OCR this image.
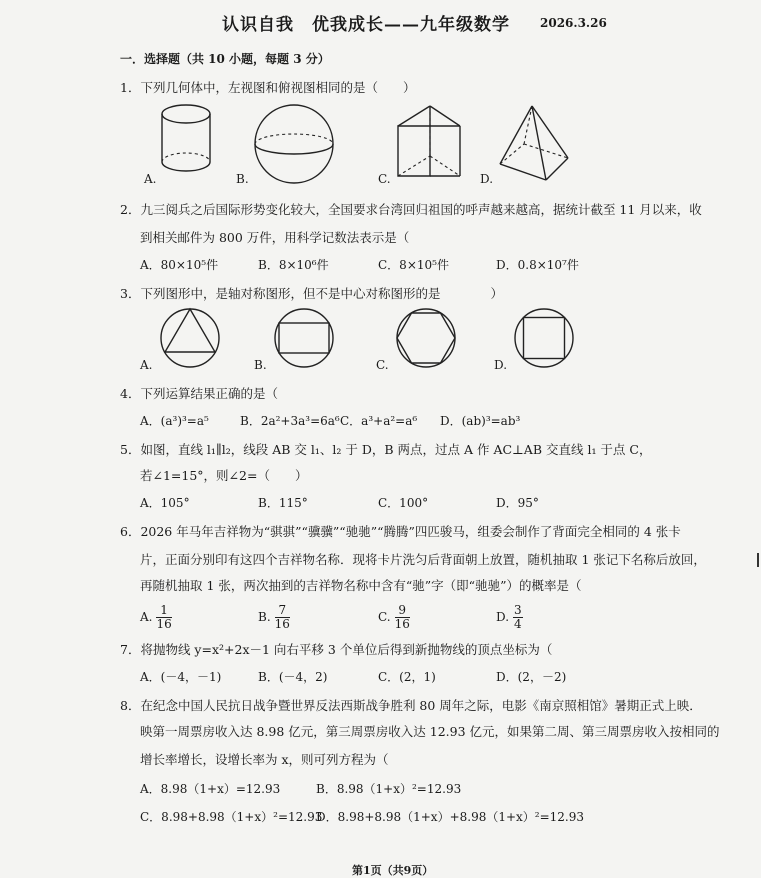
认识自我　优我成长——九年级数学	2026.3.26
一．选择题（共 10 小题，每题 3 分）
1．下列几何体中，左视图和俯视图相同的是（　　）
A.	B.	C.	D.
2．九三阅兵之后国际形势变化较大，全国要求台湾回归祖国的呼声越来越高，据统计截至 11 月以来，收
到相关邮件为 800 万件，用科学记数法表示是（
A．80×10⁵件	B．8×10⁶件	C．8×10⁵件	D．0.8×10⁷件
3．下列图形中，是轴对称图形，但不是中心对称图形的是　　　　）
A.	B.	C.	D.
4．下列运算结果正确的是（
A．(a³)³=a⁵	B．2a²+3a³=6a⁶ C．a³+a²=a⁶ D．(ab)³=ab³
5．如图，直线 l₁∥l₂，线段 AB 交 l₁、l₂ 于 D，B 两点，过点 A 作 AC⊥AB 交直线 l₁ 于点 C，
若∠1=15°，则∠2=（　　）
A．105°	B．115°	C．100°	D．95°
6．2026 年马年吉祥物为“骐骐”“骥骥”“驰驰”“腾腾”四匹骏马，组委会制作了背面完全相同的 4 张卡
片，正面分别印有这四个吉祥物名称．现将卡片洗匀后背面朝上放置，随机抽取 1 张记下名称后放回，
再随机抽取 1 张，两次抽到的吉祥物名称中含有“驰”字（即“驰驰”）的概率是（
A. $\frac{1}{16}$	B. $\frac{7}{16}$	C. $\frac{9}{16}$	D. $\frac{3}{4}$
7．将抛物线 y=x²+2x－1 向右平移 3 个单位后得到新抛物线的顶点坐标为（
A．(－4，－1)	B．(－4，2)	C．(2，1)	D．(2，－2)
8．在纪念中国人民抗日战争暨世界反法西斯战争胜利 80 周年之际，电影《南京照相馆》暑期正式上映．
映第一周票房收入达 8.98 亿元，第三周票房收入达 12.93 亿元，如果第二周、第三周票房收入按相同的
增长率增长，设增长率为 x，则可列方程为（
A．8.98（1+x）=12.93	B．8.98（1+x）²=12.93
C．8.98+8.98（1+x）²=12.93
D．8.98+8.98（1+x）+8.98（1+x）²=12.93
第1页（共9页）
